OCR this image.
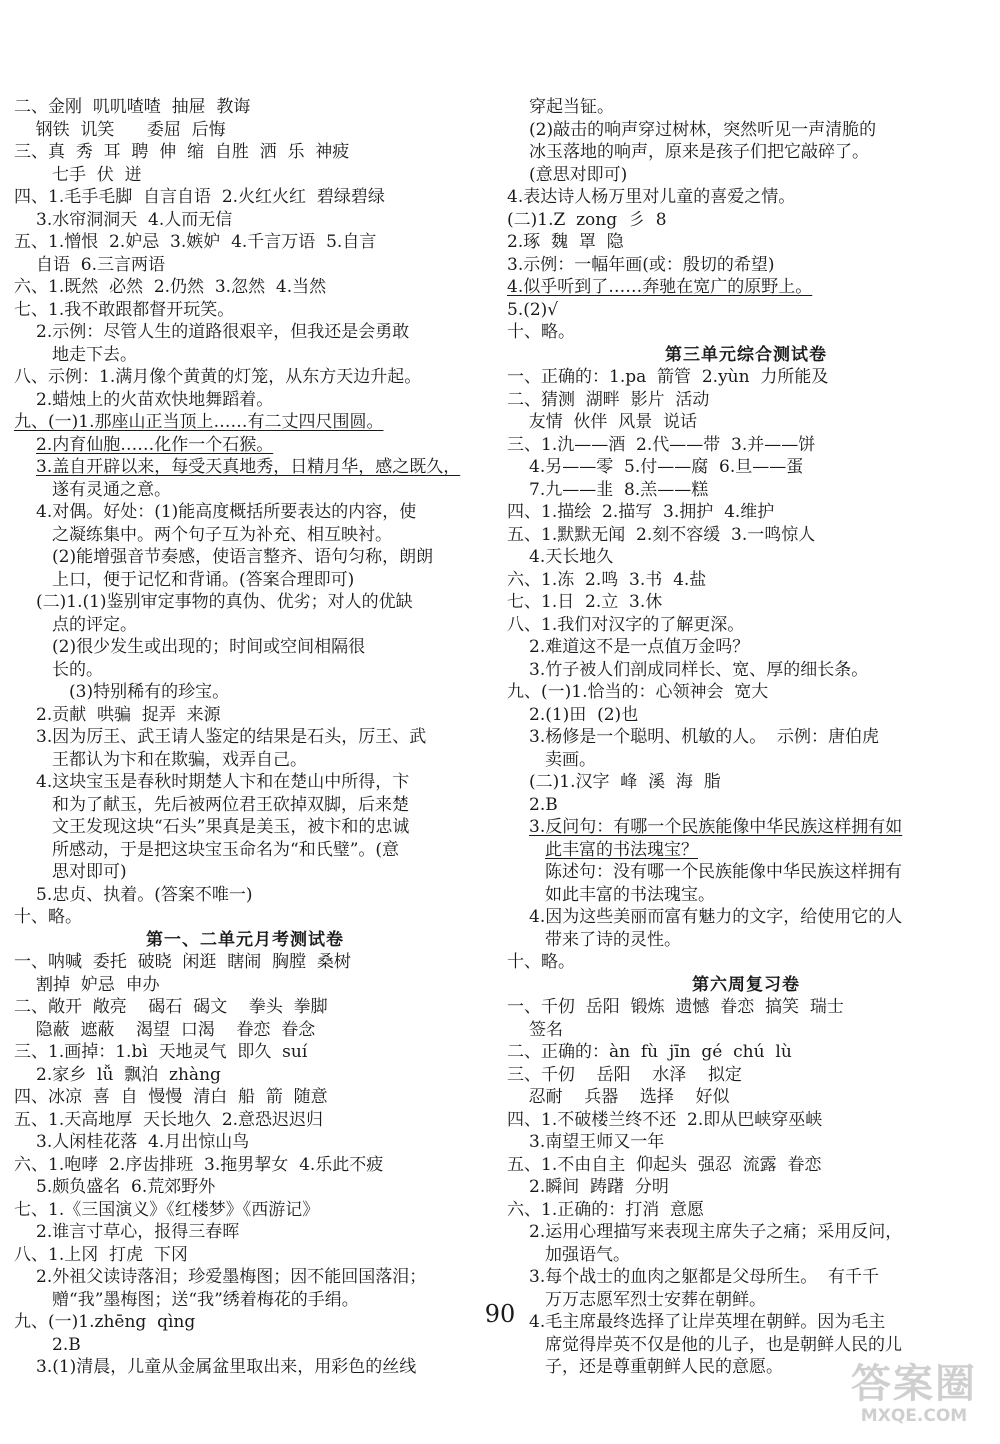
二、金刚  叽叽喳喳  抽屉  教诲
钢铁  讥笑      委屈  后悔
三、真  秀  耳  聘  伸  缩  自胜  洒  乐  神疲
七手  伏  迸
四、1.毛手毛脚  自言自语  2.火红火红  碧绿碧绿
3.水帘洞洞天  4.人而无信
五、1.憎恨  2.妒忌  3.嫉妒  4.千言万语  5.自言
自语  6.三言两语
六、1.既然  必然  2.仍然  3.忽然  4.当然
七、1.我不敢跟都督开玩笑。
2.示例：尽管人生的道路很艰辛，但我还是会勇敢
地走下去。
八、示例：1.满月像个黄黄的灯笼，从东方天边升起。
2.蜡烛上的火苗欢快地舞蹈着。
九、(一)1.那座山正当顶上……有二丈四尺围圆。
2.内育仙胞……化作一个石猴。
3.盖自开辟以来，每受天真地秀，日精月华，感之既久，
遂有灵通之意。
4.对偶。好处：(1)能高度概括所要表达的内容，使
之凝练集中。两个句子互为补充、相互映衬。
(2)能增强音节奏感，使语言整齐、语句匀称，朗朗
上口，便于记忆和背诵。(答案合理即可)
(二)1.(1)鉴别审定事物的真伪、优劣；对人的优缺
点的评定。
(2)很少发生或出现的；时间或空间相隔很
长的。
(3)特别稀有的珍宝。
2.贡献  哄骗  捉弄  来源
3.因为厉王、武王请人鉴定的结果是石头，厉王、武
王都认为卞和在欺骗，戏弄自己。
4.这块宝玉是春秋时期楚人卞和在楚山中所得，卞
和为了献玉，先后被两位君王砍掉双脚，后来楚
文王发现这块“石头”果真是美玉，被卞和的忠诚
所感动，于是把这块宝玉命名为“和氏璧”。(意
思对即可)
5.忠贞、执着。(答案不唯一)
十、略。
第一、二单元月考测试卷
一、呐喊  委托  破晓  闲逛  瞎闹  胸膛  桑树
割掉  妒忌  申办
二、敞开  敞亮    碣石  碣文    拳头  拳脚
隐蔽  遮蔽    渴望  口渴    眷恋  眷念
三、1.画掉：1.bì  天地灵气  即久  suí
2.家乡  lǚ  飘泊  zhàng
四、冰凉  喜  自  慢慢  清白  船  箭  随意
五、1.天高地厚  天长地久  2.意恐迟迟归
3.人闲桂花落  4.月出惊山鸟
六、1.咆哮  2.序齿排班  3.拖男挈女  4.乐此不疲
5.颇负盛名  6.荒郊野外
七、1.《三国演义》《红楼梦》《西游记》
2.谁言寸草心，报得三春晖
八、1.上冈  打虎  下冈
2.外祖父读诗落泪；珍爱墨梅图；因不能回国落泪；
赠“我”墨梅图；送“我”绣着梅花的手绢。
九、(一)1.zhēng  qìng
2.B
3.(1)清晨，儿童从金属盆里取出来，用彩色的丝线
穿起当钲。
(2)敲击的响声穿过树林，突然听见一声清脆的
冰玉落地的响声，原来是孩子们把它敲碎了。
(意思对即可)
4.表达诗人杨万里对儿童的喜爱之情。
(二)1.Z  zong  彡  8
2.琢  魏  罩  隐
3.示例：一幅年画(或：殷切的希望)
4.似乎听到了……奔驰在宽广的原野上。
5.(2)√
十、略。
第三单元综合测试卷
一、正确的：1.pa  箭管  2.yùn  力所能及
二、猜测  湖畔  影片  活动
友情  伙伴  风景  说话
三、1.氿——酒  2.代——带  3.并——饼
4.另——零  5.付——腐  6.旦——蛋
7.九——韭  8.羔——糕
四、1.描绘  2.描写  3.拥护  4.维护
五、1.默默无闻  2.刻不容缓  3.一鸣惊人
4.天长地久
六、1.冻  2.鸣  3.书  4.盐
七、1.日  2.立  3.休
八、1.我们对汉字的了解更深。
2.难道这不是一点值万金吗？
3.竹子被人们剖成同样长、宽、厚的细长条。
九、(一)1.恰当的：心领神会  宽大
2.(1)田  (2)也
3.杨修是一个聪明、机敏的人。  示例：唐伯虎
卖画。
(二)1.汉字  峰  溪  海  脂
2.B
3.反问句：有哪一个民族能像中华民族这样拥有如
此丰富的书法瑰宝？
陈述句：没有哪一个民族能像中华民族这样拥有
如此丰富的书法瑰宝。
4.因为这些美丽而富有魅力的文字，给使用它的人
带来了诗的灵性。
十、略。
第六周复习卷
一、千仞  岳阳  锻炼  遗憾  眷恋  搞笑  瑞士
签名
二、正确的：àn  fù  jīn  gé  chú  lù
三、千仞    岳阳    水泽    拟定
忍耐    兵器    选择    好似
四、1.不破楼兰终不还  2.即从巴峡穿巫峡
3.南望王师又一年
五、1.不由自主  仰起头  强忍  流露  眷恋
2.瞬间  踌躇  分明
六、1.正确的：打消  意愿
2.运用心理描写来表现主席失子之痛；采用反问，
加强语气。
3.每个战士的血肉之躯都是父母所生。  有千千
万万志愿军烈士安葬在朝鲜。
4.毛主席最终选择了让岸英埋在朝鲜。因为毛主
席觉得岸英不仅是他的儿子，也是朝鲜人民的儿
子，还是尊重朝鲜人民的意愿。
90
答案圈
MXQE.COM
